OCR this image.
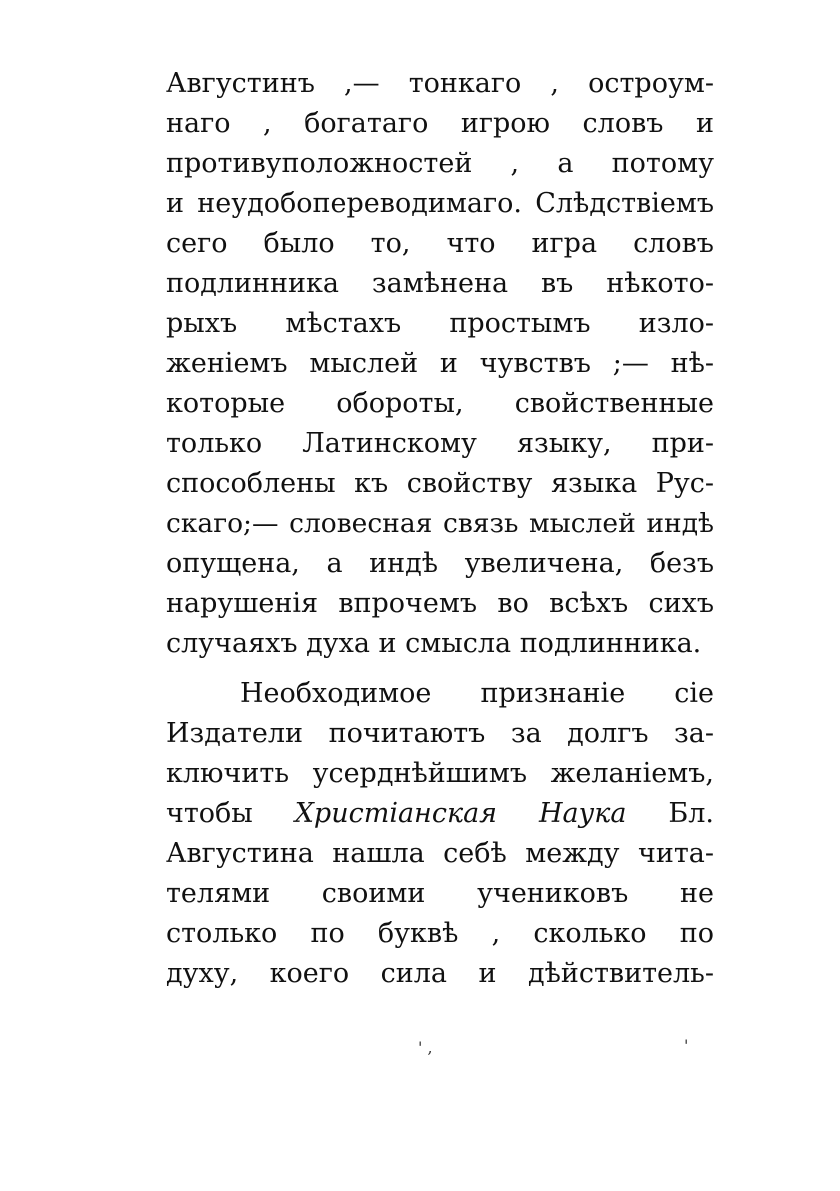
Августинъ ,— тонкаго , остроум-
наго , богатаго игрою словъ и
противуположностей , а потому
и неудобопереводимаго. Слѣдствіемъ
сего было то, что игра словъ
подлинника замѣнена въ нѣкото-
рыхъ мѣстахъ простымъ изло-
женіемъ мыслей и чувствъ ;— нѣ-
которые обороты, свойственные
только Латинскому языку, при-
способлены къ свойству языка Рус-
скаго;— словесная связь мыслей индѣ
опущена, а индѣ увеличена, безъ
нарушенія впрочемъ во всѣхъ сихъ
случаяхъ духа и смысла подлинника.
Необходимое признаніе сіе
Издатели почитаютъ за долгъ за-
ключить усерднѣйшимъ желаніемъ,
чтобы Христіанская Наука Бл.
Августина нашла себѣ между чита-
телями своими учениковъ не
столько по буквѣ , сколько по
духу, коего сила и дѣйствитель-
' ,	'
